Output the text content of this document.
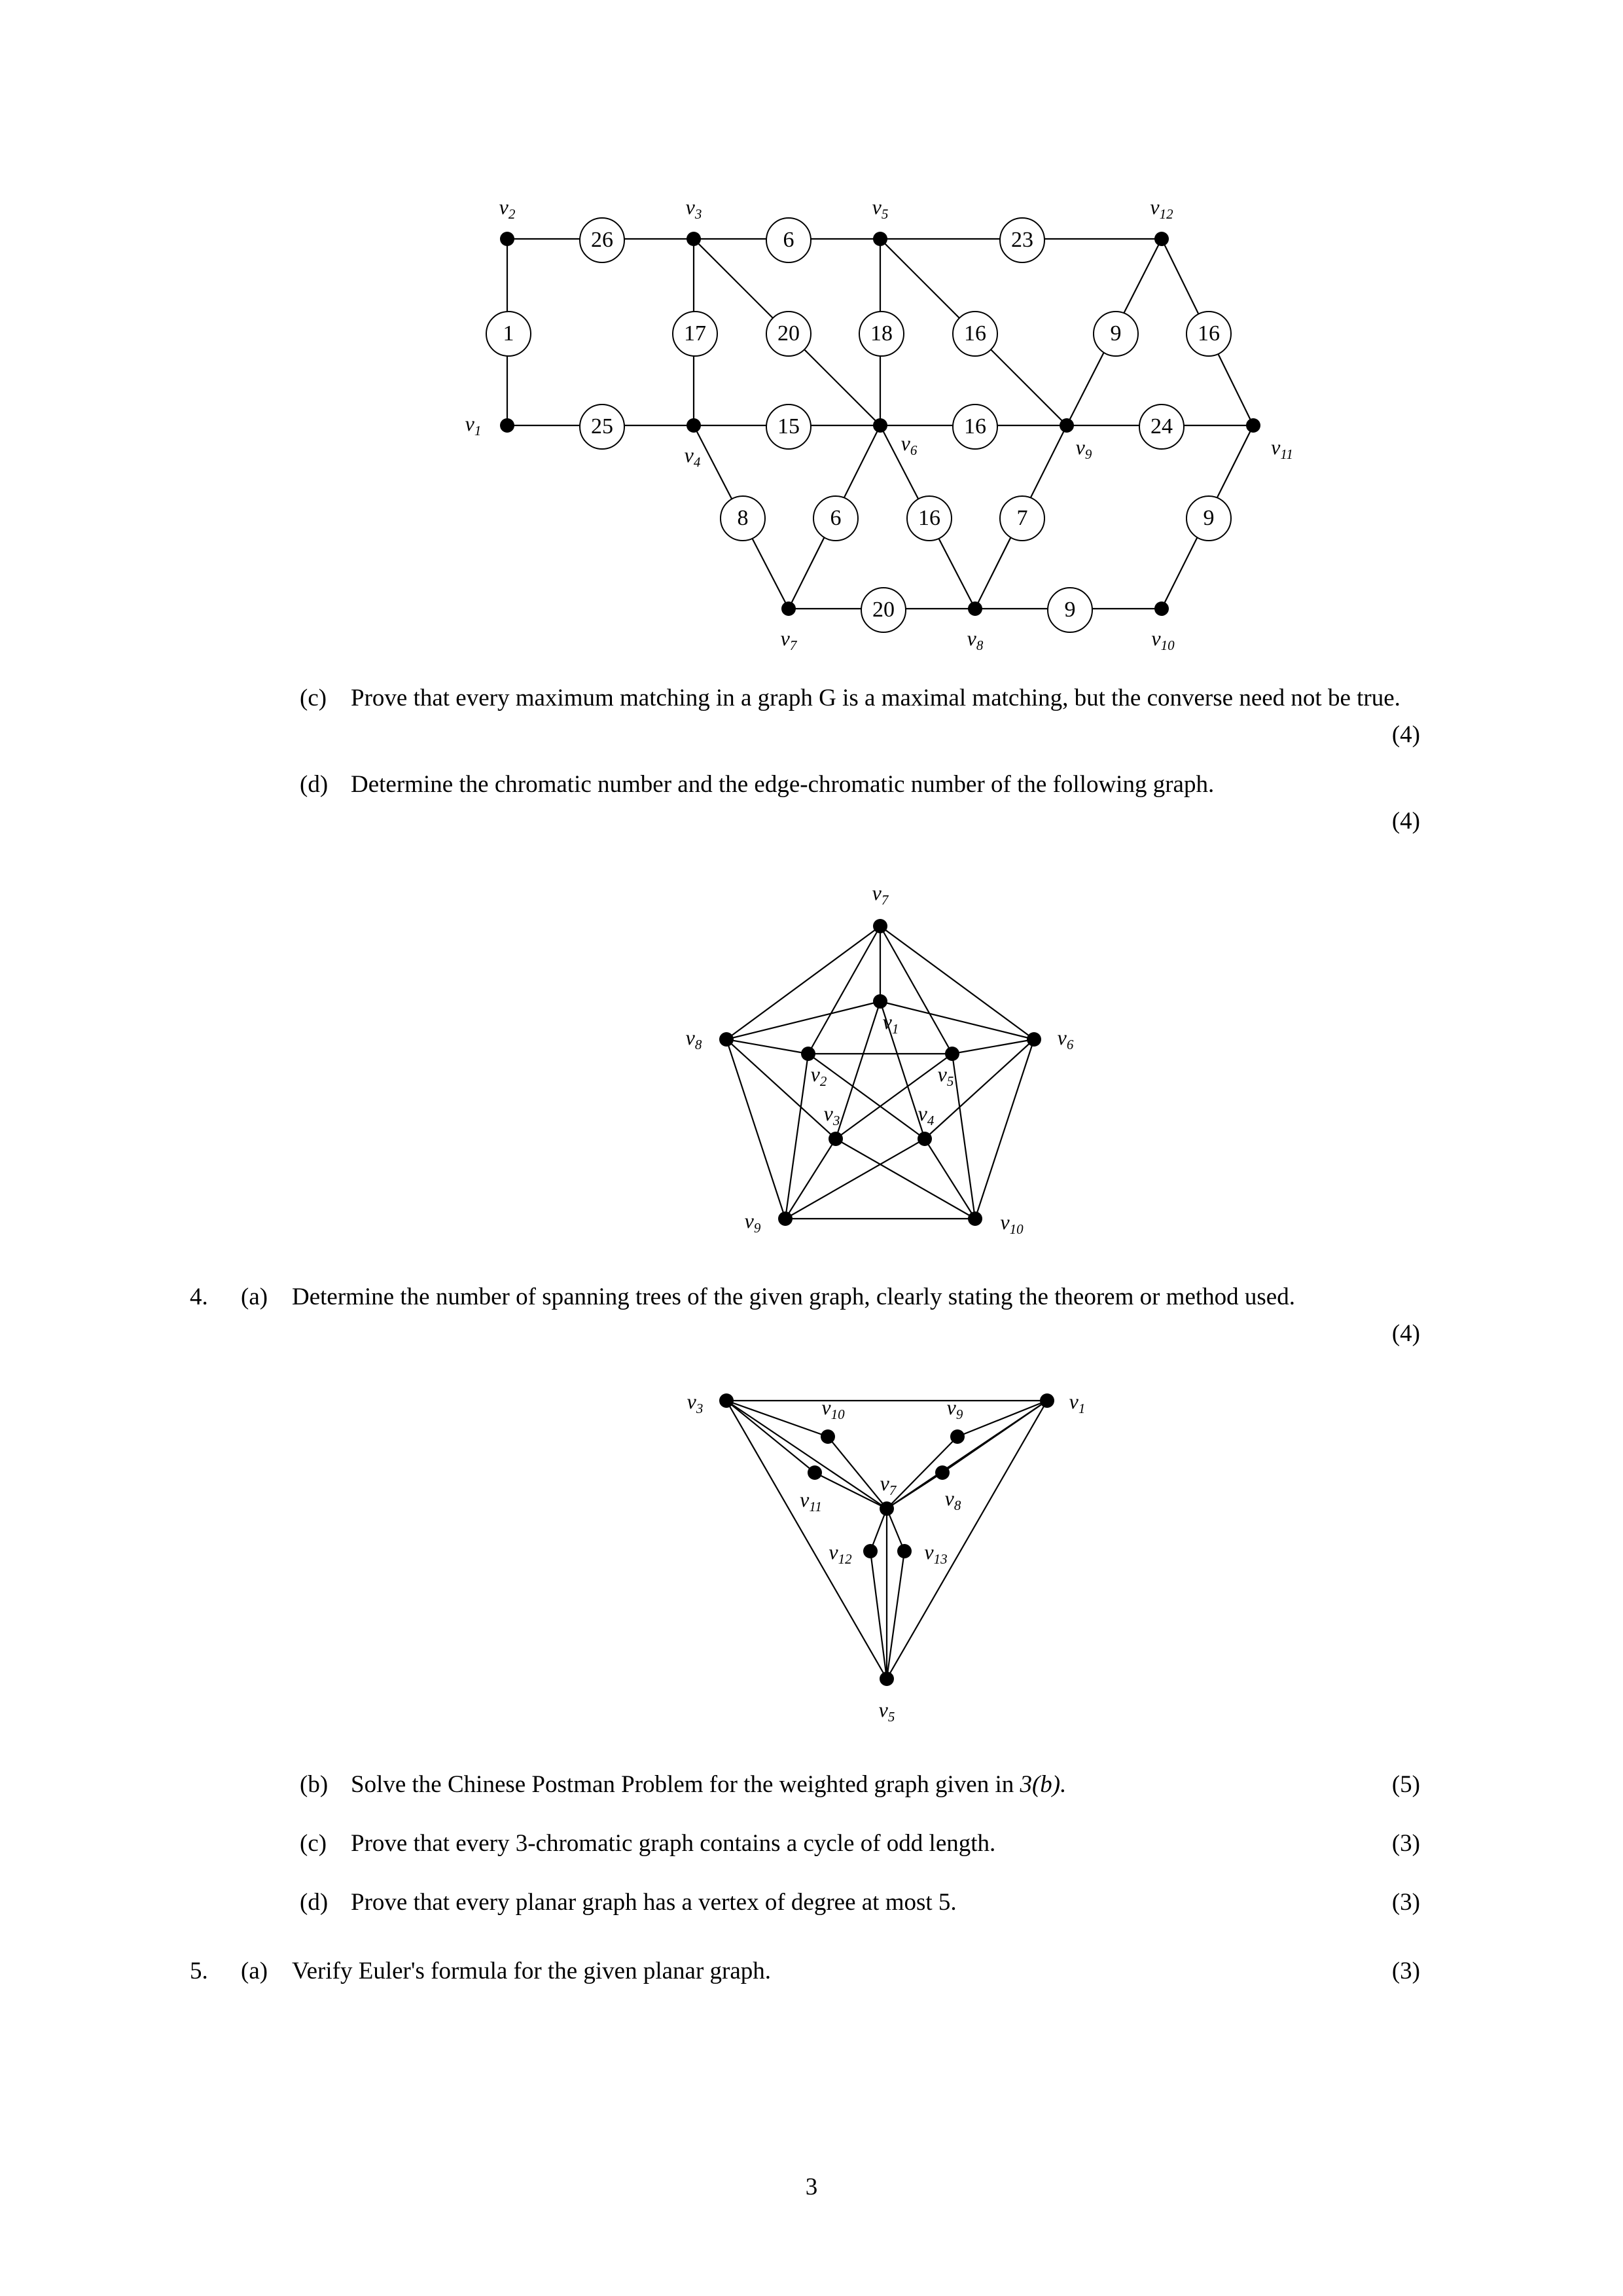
$v_1$
$v_2$	$v_3$
$v_4$
$v_5$
$v_6$
$v_7$	$v_8$
$v_9$
$v_{10}$
$v_{11}$
$v_{12}$
26	6	23
1	17	20	18	16	9	16
25	15	16	24
8	6	16	7	9
20	9
(c) Prove that every maximum matching in a graph G is a maximal matching, but the converse need not be true.
(4)
(d) Determine the chromatic number and the edge-chromatic number of the following graph.
(4)
$v_1$
$v_2$
$v_3$	$v_4$
$v_5$
$v_6$
$v_7$
$v_8$
$v_9$	$v_{10}$
4.	(a) Determine the number of spanning trees of the given graph, clearly stating the theorem or method used.
(4)
$v_1$
$v_3$
$v_5$
$v_7$ $v_8$
$v_9$
$v_{10}$
$v_{11}$
$v_{12}$	$v_{13}$
(b) Solve the Chinese Postman Problem for the weighted graph given in 3(b).	(5)
(c) Prove that every 3-chromatic graph contains a cycle of odd length.	(3)
(d) Prove that every planar graph has a vertex of degree at most 5.	(3)
5.	(a) Verify Euler's formula for the given planar graph.	(3)
3
